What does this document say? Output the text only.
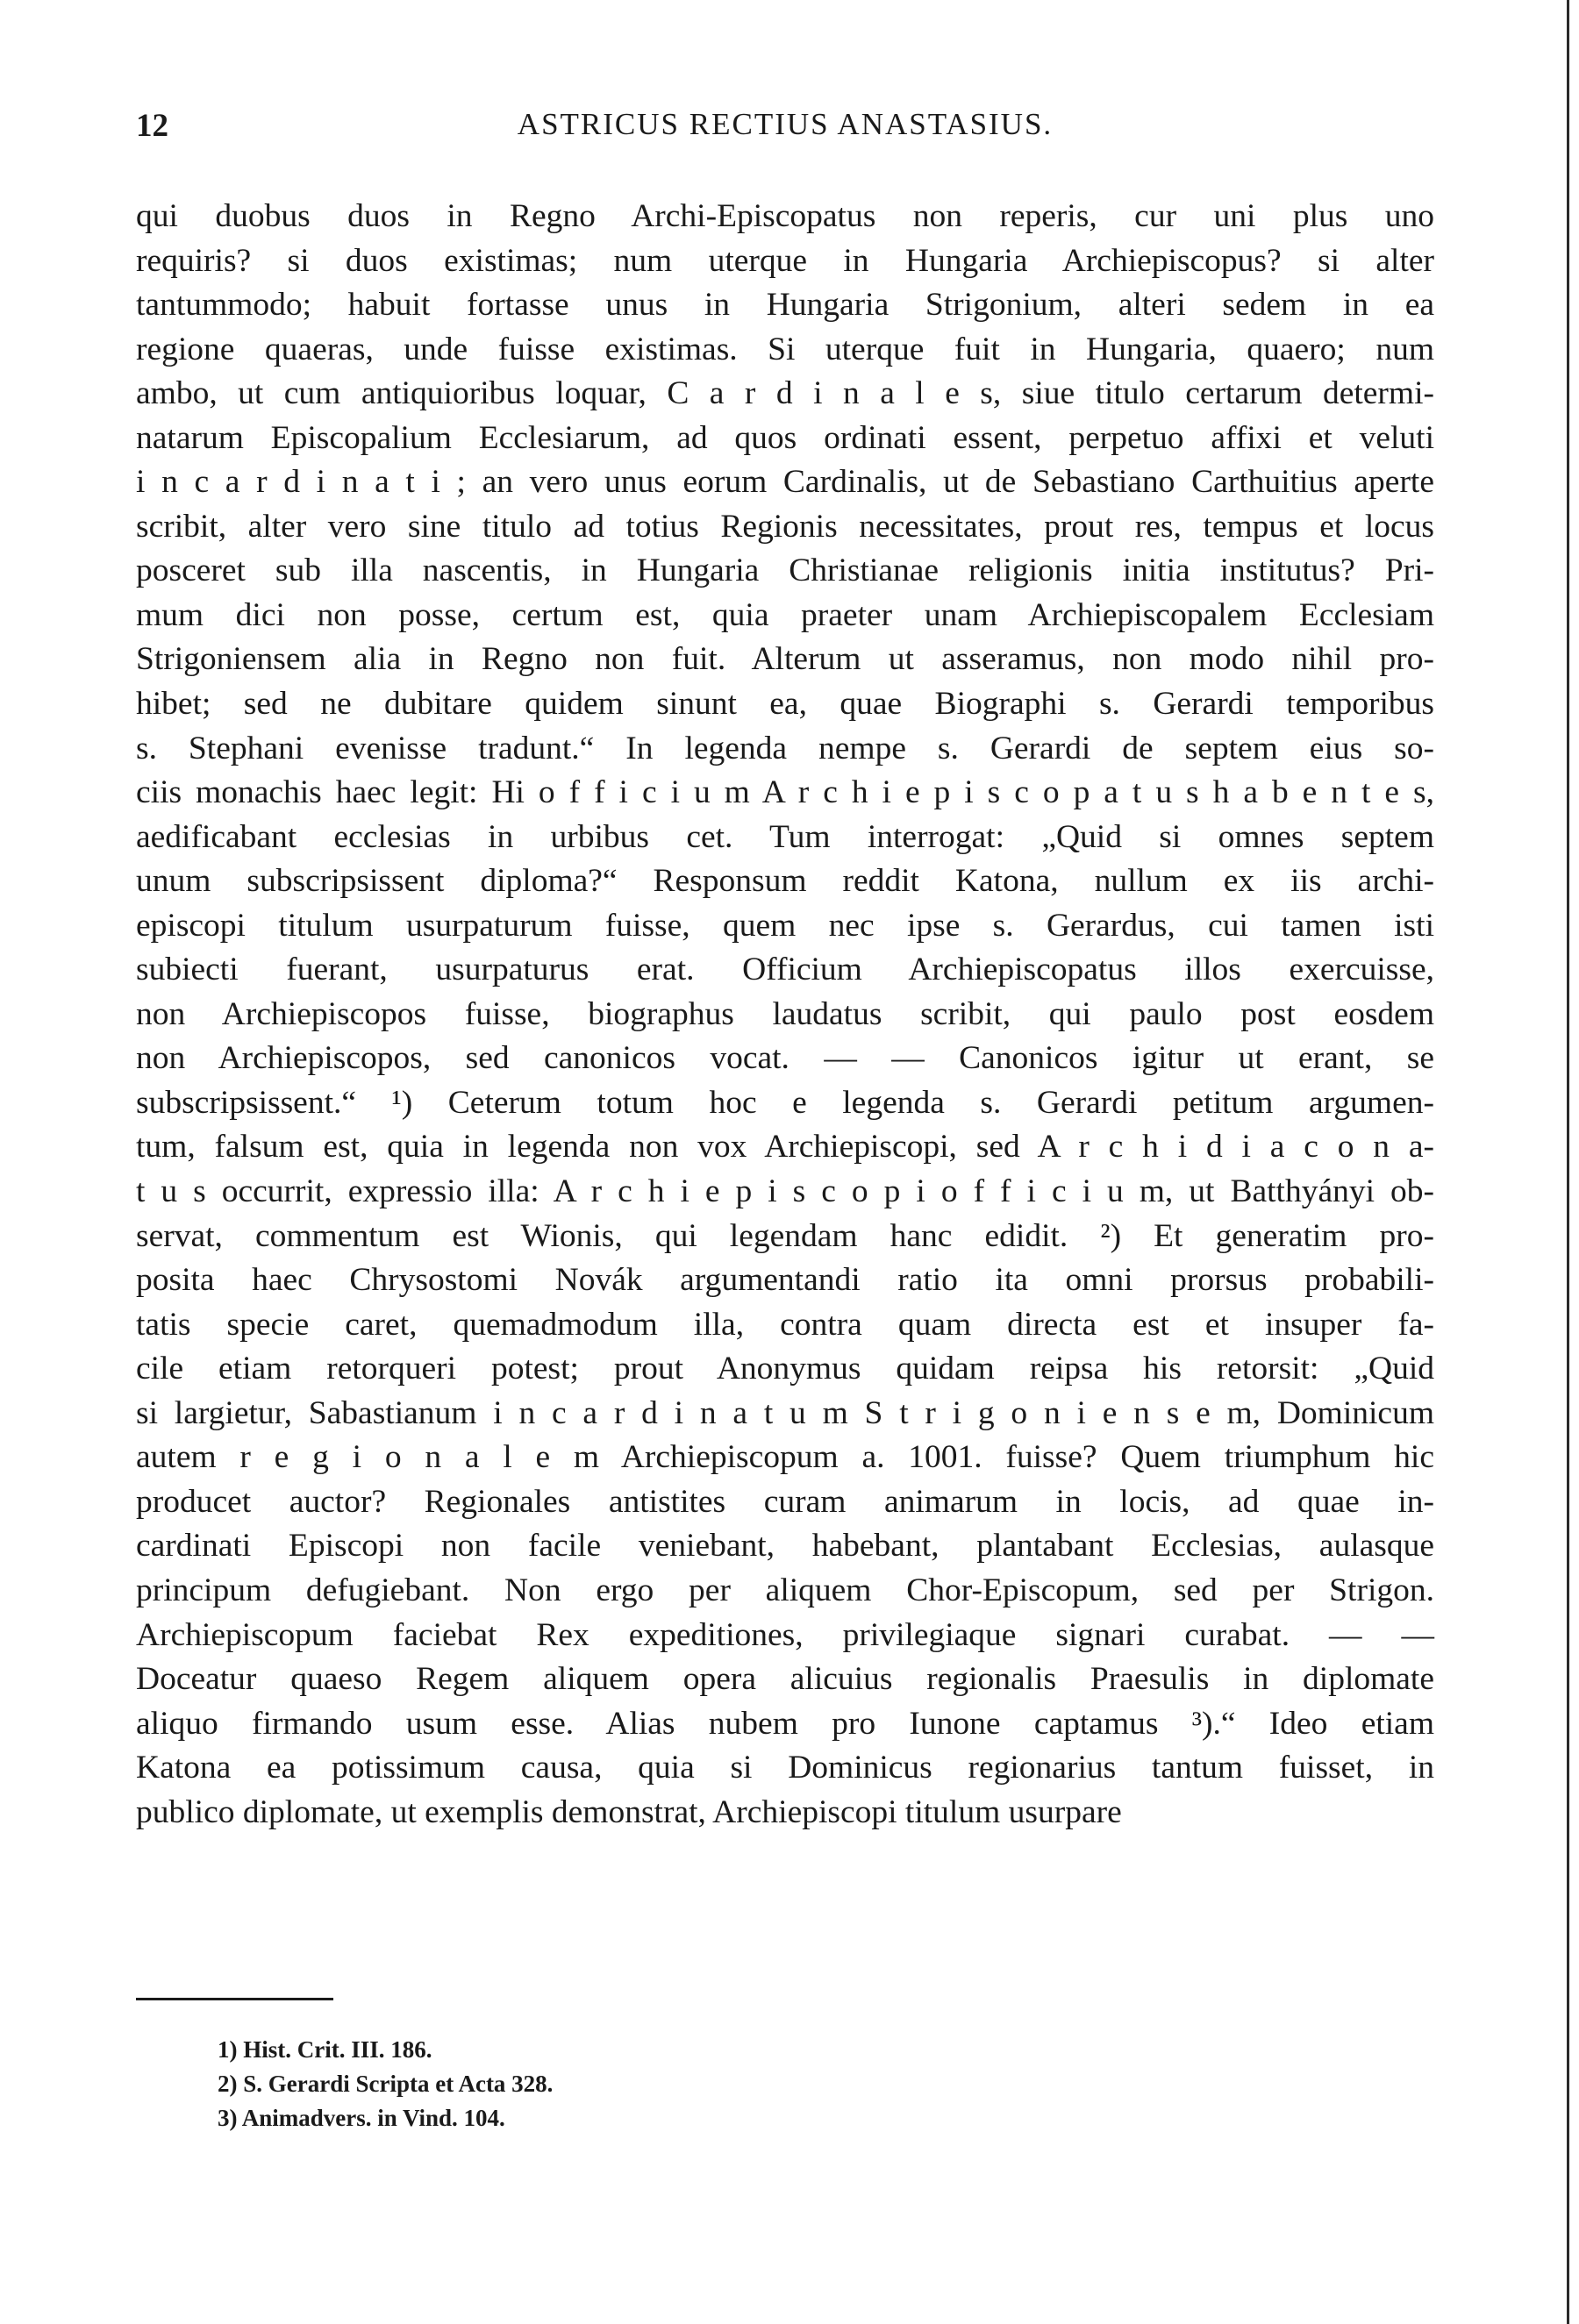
12	ASTRICUS RECTIUS ANASTASIUS.
qui duobus duos in Regno Archi-Episcopatus non reperis, cur uni plus uno
requiris? si duos existimas; num uterque in Hungaria Archiepiscopus? si alter
tantummodo; habuit fortasse unus in Hungaria Strigonium, alteri sedem in ea
regione quaeras, unde fuisse existimas. Si uterque fuit in Hungaria, quaero; num
ambo, ut cum antiquioribus loquar, C a r d i n a l e s, siue titulo certarum determi-
natarum Episcopalium Ecclesiarum, ad quos ordinati essent, perpetuo affixi et veluti
i n c a r d i n a t i ; an vero unus eorum Cardinalis, ut de Sebastiano Carthuitius aperte
scribit, alter vero sine titulo ad totius Regionis necessitates, prout res, tempus et locus
posceret sub illa nascentis, in Hungaria Christianae religionis initia institutus? Pri-
mum dici non posse, certum est, quia praeter unam Archiepiscopalem Ecclesiam
Strigoniensem alia in Regno non fuit. Alterum ut asseramus, non modo nihil pro-
hibet; sed ne dubitare quidem sinunt ea, quae Biographi s. Gerardi temporibus
s. Stephani evenisse tradunt.“ In legenda nempe s. Gerardi de septem eius so-
ciis monachis haec legit: Hi o f f i c i u m A r c h i e p i s c o p a t u s h a b e n t e s,
aedificabant ecclesias in urbibus cet. Tum interrogat: „Quid si omnes septem
unum subscripsissent diploma?“ Responsum reddit Katona, nullum ex iis archi-
episcopi titulum usurpaturum fuisse, quem nec ipse s. Gerardus, cui tamen isti
subiecti fuerant, usurpaturus erat. Officium Archiepiscopatus illos exercuisse,
non Archiepiscopos fuisse, biographus laudatus scribit, qui paulo post eosdem
non Archiepiscopos, sed canonicos vocat. — — Canonicos igitur ut erant, se
subscripsissent.“ ¹) Ceterum totum hoc e legenda s. Gerardi petitum argumen-
tum, falsum est, quia in legenda non vox Archiepiscopi, sed A r c h i d i a c o n a-
t u s occurrit, expressio illa: A r c h i e p i s c o p i o f f i c i u m, ut Batthyányi ob-
servat, commentum est Wionis, qui legendam hanc edidit. ²) Et generatim pro-
posita haec Chrysostomi Novák argumentandi ratio ita omni prorsus probabili-
tatis specie caret, quemadmodum illa, contra quam directa est et insuper fa-
cile etiam retorqueri potest; prout Anonymus quidam reipsa his retorsit: „Quid
si largietur, Sabastianum i n c a r d i n a t u m S t r i g o n i e n s e m, Dominicum
autem r e g i o n a l e m Archiepiscopum a. 1001. fuisse? Quem triumphum hic
producet auctor? Regionales antistites curam animarum in locis, ad quae in-
cardinati Episcopi non facile veniebant, habebant, plantabant Ecclesias, aulasque
principum defugiebant. Non ergo per aliquem Chor-Episcopum, sed per Strigon.
Archiepiscopum faciebat Rex expeditiones, privilegiaque signari curabat. — —
Doceatur quaeso Regem aliquem opera alicuius regionalis Praesulis in diplomate
aliquo firmando usum esse. Alias nubem pro Iunone captamus ³).“ Ideo etiam
Katona ea potissimum causa, quia si Dominicus regionarius tantum fuisset, in
publico diplomate, ut exemplis demonstrat, Archiepiscopi titulum usurpare
1) Hist. Crit. III. 186.
2) S. Gerardi Scripta et Acta 328.
3) Animadvers. in Vind. 104.
